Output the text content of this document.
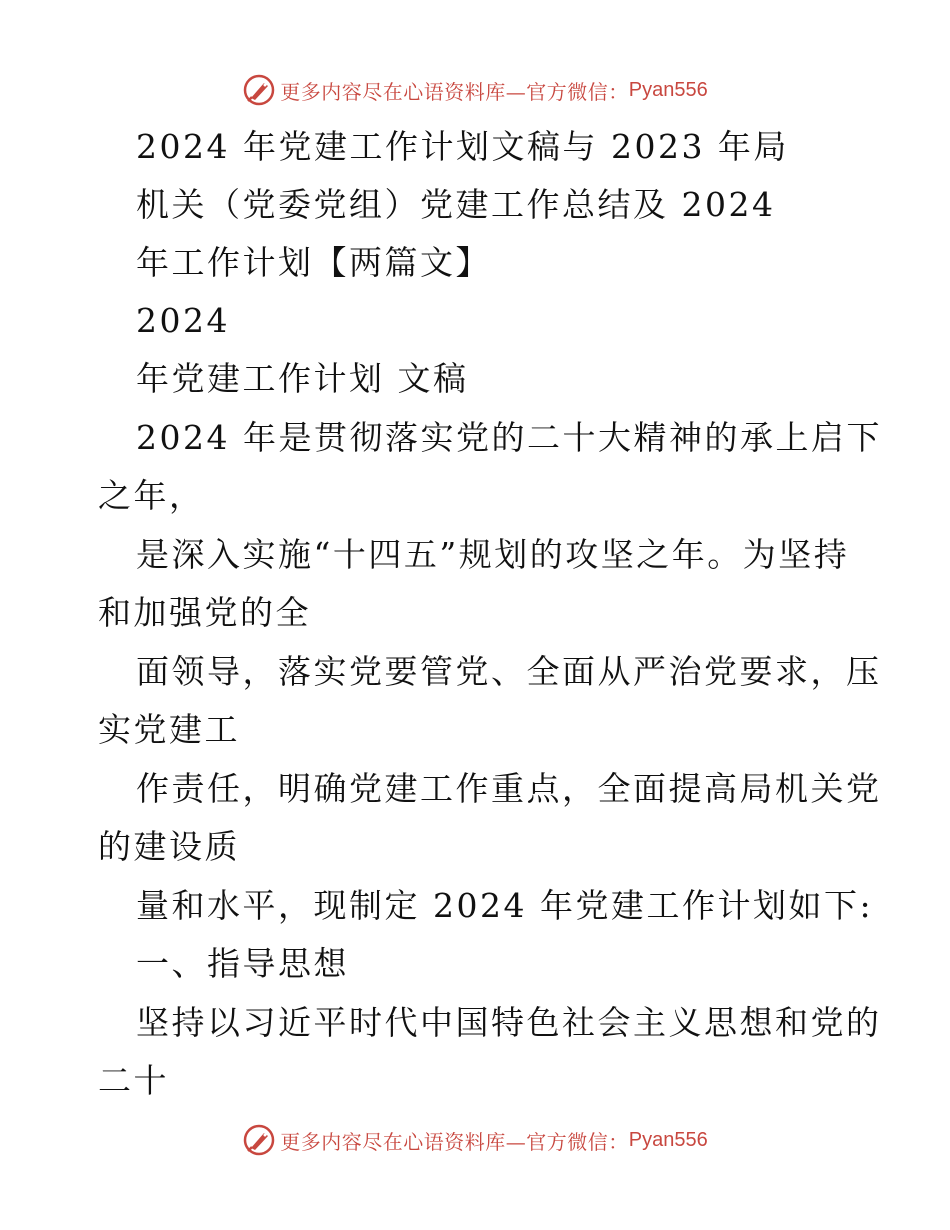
更多内容尽在心语资料库—官方微信： Pyan556
2024 年党建工作计划文稿与 2023 年局
机关（党委党组）党建工作总结及 2024
年工作计划【两篇文】
2024
年党建工作计划 文稿
2024 年是贯彻落实党的二十大精神的承上启下
之年，
是深入实施“十四五”规划的攻坚之年。为坚持
和加强党的全
面领导，落实党要管党、全面从严治党要求，压
实党建工
作责任，明确党建工作重点，全面提高局机关党
的建设质
量和水平，现制定 2024 年党建工作计划如下:
一、指导思想
坚持以习近平时代中国特色社会主义思想和党的
二十
更多内容尽在心语资料库—官方微信： Pyan556
